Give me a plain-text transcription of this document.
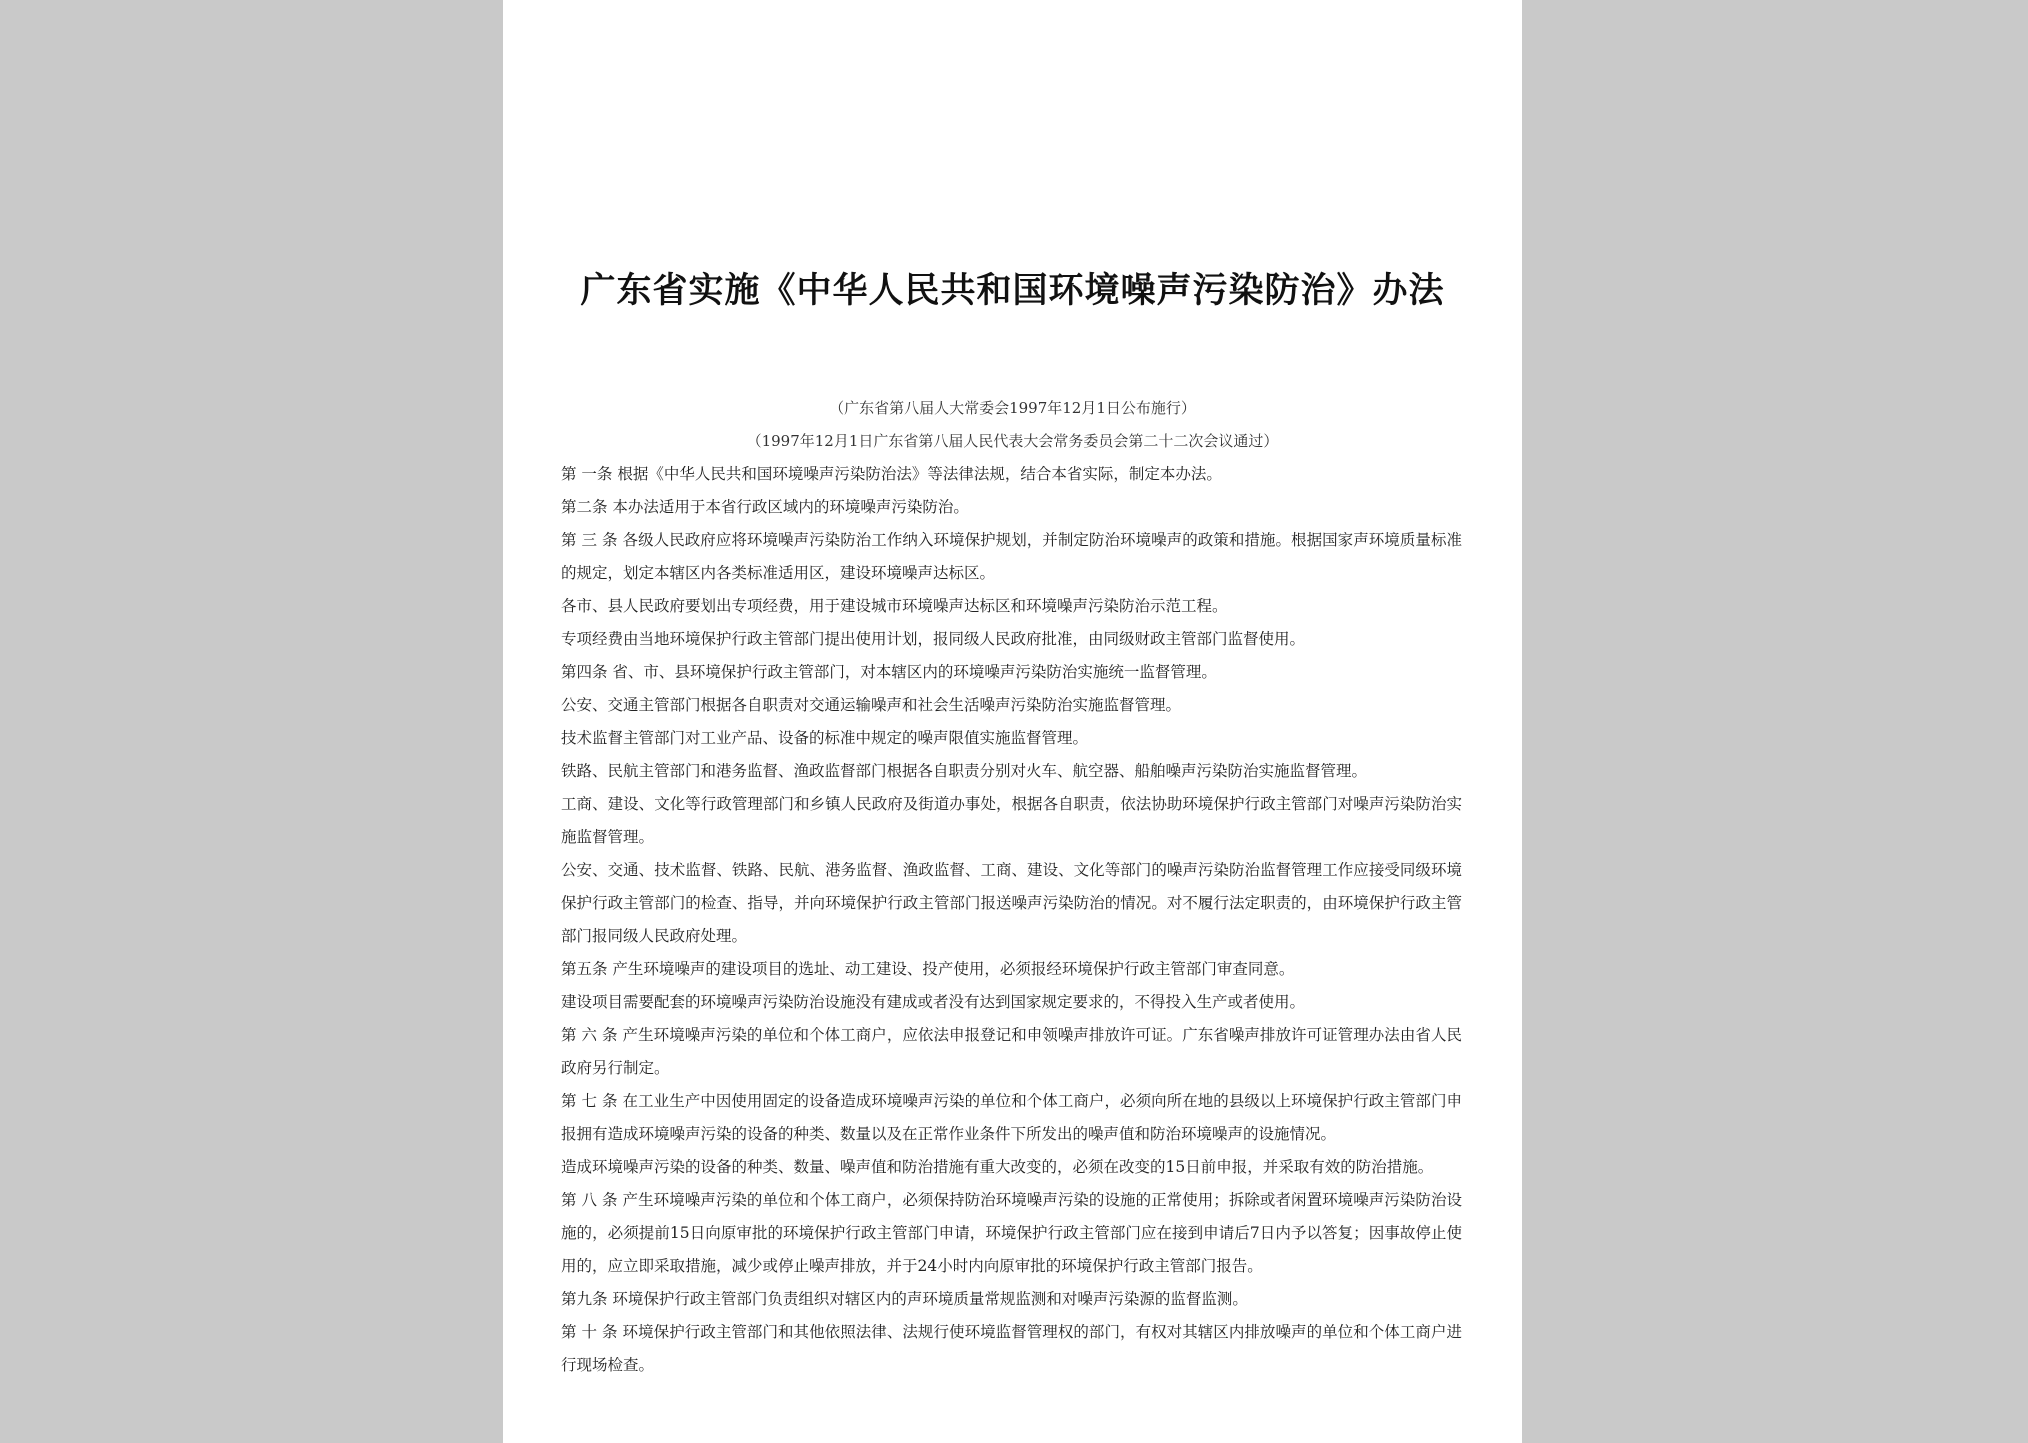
广东省实施《中华人民共和国环境噪声污染防治》办法

（广东省第八届人大常委会1997年12月1日公布施行）

（1997年12月1日广东省第八届人民代表大会常务委员会第二十二次会议通过）

第 一条 根据《中华人民共和国环境噪声污染防治法》等法律法规，结合本省实际，制定本办法。

第二条 本办法适用于本省行政区域内的环境噪声污染防治。

第 三 条 各级人民政府应将环境噪声污染防治工作纳入环境保护规划，并制定防治环境噪声的政策和措施。根据国家声环境质量标准的规定，划定本辖区内各类标准适用区，建设环境噪声达标区。

各市、县人民政府要划出专项经费，用于建设城市环境噪声达标区和环境噪声污染防治示范工程。

专项经费由当地环境保护行政主管部门提出使用计划，报同级人民政府批准，由同级财政主管部门监督使用。

第四条 省、市、县环境保护行政主管部门，对本辖区内的环境噪声污染防治实施统一监督管理。

公安、交通主管部门根据各自职责对交通运输噪声和社会生活噪声污染防治实施监督管理。

技术监督主管部门对工业产品、设备的标准中规定的噪声限值实施监督管理。

铁路、民航主管部门和港务监督、渔政监督部门根据各自职责分别对火车、航空器、船舶噪声污染防治实施监督管理。

工商、建设、文化等行政管理部门和乡镇人民政府及街道办事处，根据各自职责，依法协助环境保护行政主管部门对噪声污染防治实施监督管理。

公安、交通、技术监督、铁路、民航、港务监督、渔政监督、工商、建设、文化等部门的噪声污染防治监督管理工作应接受同级环境保护行政主管部门的检查、指导，并向环境保护行政主管部门报送噪声污染防治的情况。对不履行法定职责的，由环境保护行政主管部门报同级人民政府处理。

第五条 产生环境噪声的建设项目的选址、动工建设、投产使用，必须报经环境保护行政主管部门审查同意。

建设项目需要配套的环境噪声污染防治设施没有建成或者没有达到国家规定要求的，不得投入生产或者使用。

第 六 条 产生环境噪声污染的单位和个体工商户，应依法申报登记和申领噪声排放许可证。广东省噪声排放许可证管理办法由省人民政府另行制定。

第 七 条 在工业生产中因使用固定的设备造成环境噪声污染的单位和个体工商户，必须向所在地的县级以上环境保护行政主管部门申报拥有造成环境噪声污染的设备的种类、数量以及在正常作业条件下所发出的噪声值和防治环境噪声的设施情况。

造成环境噪声污染的设备的种类、数量、噪声值和防治措施有重大改变的，必须在改变的15日前申报，并采取有效的防治措施。

第 八 条 产生环境噪声污染的单位和个体工商户，必须保持防治环境噪声污染的设施的正常使用；拆除或者闲置环境噪声污染防治设施的，必须提前15日向原审批的环境保护行政主管部门申请，环境保护行政主管部门应在接到申请后7日内予以答复；因事故停止使用的，应立即采取措施，减少或停止噪声排放，并于24小时内向原审批的环境保护行政主管部门报告。

第九条 环境保护行政主管部门负责组织对辖区内的声环境质量常规监测和对噪声污染源的监督监测。

第 十 条 环境保护行政主管部门和其他依照法律、法规行使环境监督管理权的部门，有权对其辖区内排放噪声的单位和个体工商户进行现场检查。
